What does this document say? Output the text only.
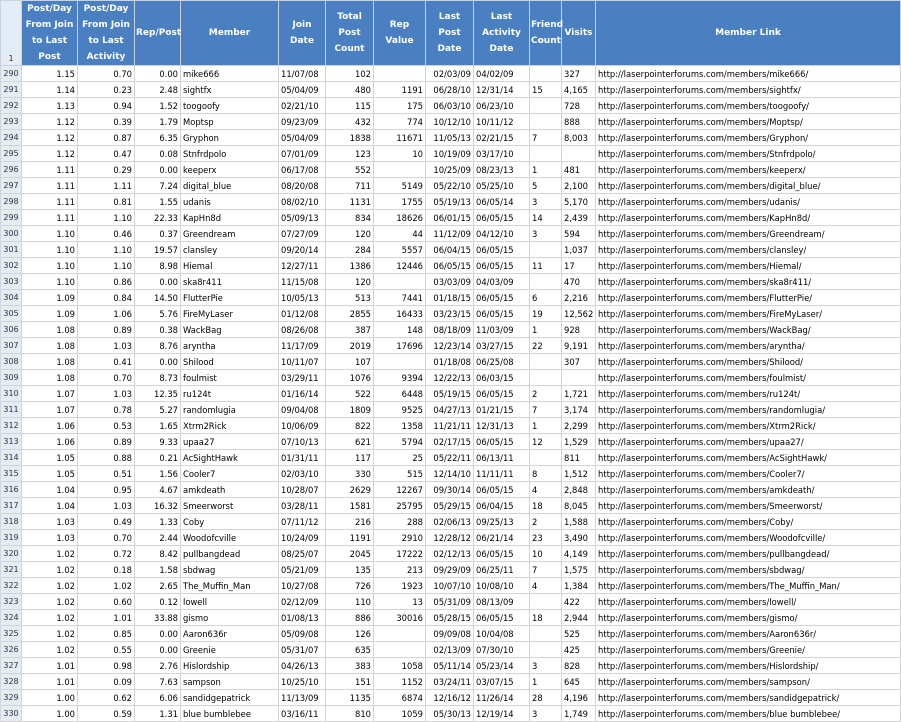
1	Post/Day From Join to Last Post	Post/Day From Join to Last Activity	Rep/Post	Member	Join Date	Total Post Count	Rep Value	Last Post Date	Last Activity Date	Friend Count	Visits	Member Link
290	1.15	0.70	0.00	mike666	11/07/08	102		02/03/09	04/02/09		327	http://laserpointerforums.com/members/mike666/
291	1.14	0.23	2.48	sightfx	05/04/09	480	1191	06/28/10	12/31/14	15	4,165	http://laserpointerforums.com/members/sightfx/
292	1.13	0.94	1.52	toogoofy	02/21/10	115	175	06/03/10	06/23/10		728	http://laserpointerforums.com/members/toogoofy/
293	1.12	0.39	1.79	Moptsp	09/23/09	432	774	10/12/10	10/11/12		888	http://laserpointerforums.com/members/Moptsp/
294	1.12	0.87	6.35	Gryphon	05/04/09	1838	11671	11/05/13	02/21/15	7	8,003	http://laserpointerforums.com/members/Gryphon/
295	1.12	0.47	0.08	Stnfrdpolo	07/01/09	123	10	10/19/09	03/17/10			http://laserpointerforums.com/members/Stnfrdpolo/
296	1.11	0.29	0.00	keeperx	06/17/08	552		10/25/09	08/23/13	1	481	http://laserpointerforums.com/members/keeperx/
297	1.11	1.11	7.24	digital_blue	08/20/08	711	5149	05/22/10	05/25/10	5	2,100	http://laserpointerforums.com/members/digital_blue/
298	1.11	0.81	1.55	udanis	08/02/10	1131	1755	05/19/13	06/05/14	3	5,170	http://laserpointerforums.com/members/udanis/
299	1.11	1.10	22.33	KapHn8d	05/09/13	834	18626	06/01/15	06/05/15	14	2,439	http://laserpointerforums.com/members/KapHn8d/
300	1.10	0.46	0.37	Greendream	07/27/09	120	44	11/12/09	04/12/10	3	594	http://laserpointerforums.com/members/Greendream/
301	1.10	1.10	19.57	clansley	09/20/14	284	5557	06/04/15	06/05/15		1,037	http://laserpointerforums.com/members/clansley/
302	1.10	1.10	8.98	Hiemal	12/27/11	1386	12446	06/05/15	06/05/15	11	17	http://laserpointerforums.com/members/Hiemal/
303	1.10	0.86	0.00	ska8r411	11/15/08	120		03/03/09	04/03/09		470	http://laserpointerforums.com/members/ska8r411/
304	1.09	0.84	14.50	FlutterPie	10/05/13	513	7441	01/18/15	06/05/15	6	2,216	http://laserpointerforums.com/members/FlutterPie/
305	1.09	1.06	5.76	FireMyLaser	01/12/08	2855	16433	03/23/15	06/05/15	19	12,562	http://laserpointerforums.com/members/FireMyLaser/
306	1.08	0.89	0.38	WackBag	08/26/08	387	148	08/18/09	11/03/09	1	928	http://laserpointerforums.com/members/WackBag/
307	1.08	1.03	8.76	aryntha	11/17/09	2019	17696	12/23/14	03/27/15	22	9,191	http://laserpointerforums.com/members/aryntha/
308	1.08	0.41	0.00	Shilood	10/11/07	107		01/18/08	06/25/08		307	http://laserpointerforums.com/members/Shilood/
309	1.08	0.70	8.73	foulmist	03/29/11	1076	9394	12/22/13	06/03/15			http://laserpointerforums.com/members/foulmist/
310	1.07	1.03	12.35	ru124t	01/16/14	522	6448	05/19/15	06/05/15	2	1,721	http://laserpointerforums.com/members/ru124t/
311	1.07	0.78	5.27	randomlugia	09/04/08	1809	9525	04/27/13	01/21/15	7	3,174	http://laserpointerforums.com/members/randomlugia/
312	1.06	0.53	1.65	Xtrm2Rick	10/06/09	822	1358	11/21/11	12/31/13	1	2,299	http://laserpointerforums.com/members/Xtrm2Rick/
313	1.06	0.89	9.33	upaa27	07/10/13	621	5794	02/17/15	06/05/15	12	1,529	http://laserpointerforums.com/members/upaa27/
314	1.05	0.88	0.21	AcSightHawk	01/31/11	117	25	05/22/11	06/13/11		811	http://laserpointerforums.com/members/AcSightHawk/
315	1.05	0.51	1.56	Cooler7	02/03/10	330	515	12/14/10	11/11/11	8	1,512	http://laserpointerforums.com/members/Cooler7/
316	1.04	0.95	4.67	amkdeath	10/28/07	2629	12267	09/30/14	06/05/15	4	2,848	http://laserpointerforums.com/members/amkdeath/
317	1.04	1.03	16.32	Smeerworst	03/28/11	1581	25795	05/29/15	06/04/15	18	8,045	http://laserpointerforums.com/members/Smeerworst/
318	1.03	0.49	1.33	Coby	07/11/12	216	288	02/06/13	09/25/13	2	1,588	http://laserpointerforums.com/members/Coby/
319	1.03	0.70	2.44	Woodofcville	10/24/09	1191	2910	12/28/12	06/21/14	23	3,490	http://laserpointerforums.com/members/Woodofcville/
320	1.02	0.72	8.42	pullbangdead	08/25/07	2045	17222	02/12/13	06/05/15	10	4,149	http://laserpointerforums.com/members/pullbangdead/
321	1.02	0.18	1.58	sbdwag	05/21/09	135	213	09/29/09	06/25/11	7	1,575	http://laserpointerforums.com/members/sbdwag/
322	1.02	1.02	2.65	The_Muffin_Man	10/27/08	726	1923	10/07/10	10/08/10	4	1,384	http://laserpointerforums.com/members/The_Muffin_Man/
323	1.02	0.60	0.12	lowell	02/12/09	110	13	05/31/09	08/13/09		422	http://laserpointerforums.com/members/lowell/
324	1.02	1.01	33.88	gismo	01/08/13	886	30016	05/28/15	06/05/15	18	2,944	http://laserpointerforums.com/members/gismo/
325	1.02	0.85	0.00	Aaron636r	05/09/08	126		09/09/08	10/04/08		525	http://laserpointerforums.com/members/Aaron636r/
326	1.02	0.55	0.00	Greenie	05/31/07	635		02/13/09	07/30/10		425	http://laserpointerforums.com/members/Greenie/
327	1.01	0.98	2.76	Hislordship	04/26/13	383	1058	05/11/14	05/23/14	3	828	http://laserpointerforums.com/members/Hislordship/
328	1.01	0.09	7.63	sampson	10/25/10	151	1152	03/24/11	03/07/15	1	645	http://laserpointerforums.com/members/sampson/
329	1.00	0.62	6.06	sandidgepatrick	11/13/09	1135	6874	12/16/12	11/26/14	28	4,196	http://laserpointerforums.com/members/sandidgepatrick/
330	1.00	0.59	1.31	blue bumblebee	03/16/11	810	1059	05/30/13	12/19/14	3	1,749	http://laserpointerforums.com/members/blue bumblebee/
